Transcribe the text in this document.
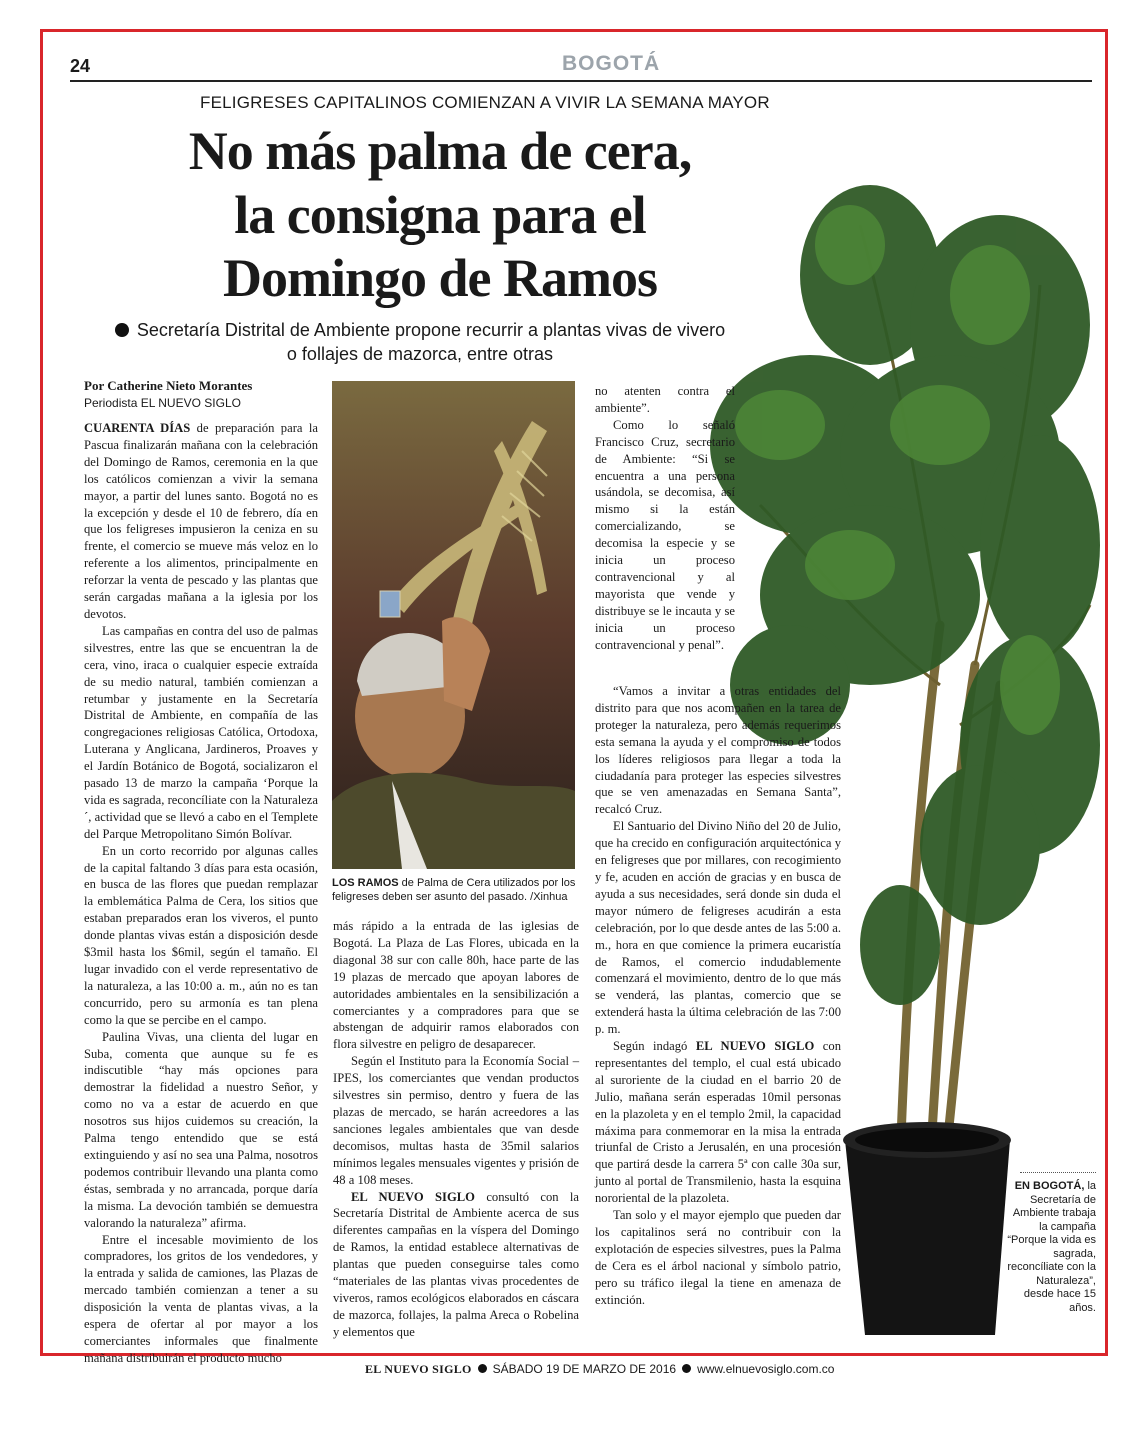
24	BOGOTÁ
FELIGRESES CAPITALINOS COMIENZAN A VIVIR LA SEMANA MAYOR
No más palma de cera,
la consigna para el
Domingo de Ramos
Secretaría Distrital de Ambiente propone recurrir a plantas vivas de vivero o follajes de mazorca, entre otras
Por Catherine Nieto Morantes
Periodista EL NUEVO SIGLO

CUARENTA DÍAS de preparación para la Pascua finalizarán mañana con la celebración del Domingo de Ramos, ceremonia en la que los católicos comienzan a vivir la semana mayor, a partir del lunes santo. Bogotá no es la excepción y desde el 10 de febrero, día en que los feligreses impusieron la ceniza en su frente, el comercio se mueve más veloz en lo referente a los alimentos, principalmente en reforzar la venta de pescado y las plantas que serán cargadas mañana a la iglesia por los devotos.

Las campañas en contra del uso de palmas silvestres, entre las que se encuentran la de cera, vino, iraca o cualquier especie extraída de su medio natural, también comienzan a retumbar y justamente en la Secretaría Distrital de Ambiente, en compañía de las congregaciones religiosas Católica, Ortodoxa, Luterana y Anglicana, Jardineros, Proaves y el Jardín Botánico de Bogotá, socializaron el pasado 13 de marzo la campaña ‘Porque la vida es sagrada, reconcíliate con la Naturaleza´, actividad que se llevó a cabo en el Templete del Parque Metropolitano Simón Bolívar.

En un corto recorrido por algunas calles de la capital faltando 3 días para esta ocasión, en busca de las flores que puedan remplazar la emblemática Palma de Cera, los sitios que estaban preparados eran los viveros, el punto donde plantas vivas están a disposición desde $3mil hasta los $6mil, según el tamaño. El lugar invadido con el verde representativo de la naturaleza, a las 10:00 a. m., aún no es tan concurrido, pero su armonía es tan plena como la que se percibe en el campo.

Paulina Vivas, una clienta del lugar en Suba, comenta que aunque su fe es indiscutible “hay más opciones para demostrar la fidelidad a nuestro Señor, y como no va a estar de acuerdo en que nosotros sus hijos cuidemos su creación, la Palma tengo entendido que se está extinguiendo y así no sea una Palma, nosotros podemos contribuir llevando una planta como éstas, sembrada y no arrancada, porque daría la misma. La devoción también se demuestra valorando la naturaleza” afirma.

Entre el incesable movimiento de los compradores, los gritos de los vendedores, y la entrada y salida de camiones, las Plazas de mercado también comienzan a tener a su disposición la venta de plantas vivas, a la espera de ofertar al por mayor a los comerciantes informales que finalmente mañana distribuirán el producto mucho

LOS RAMOS de Palma de Cera utilizados por los feligreses deben ser asunto del pasado. /Xinhua

más rápido a la entrada de las iglesias de Bogotá. La Plaza de Las Flores, ubicada en la diagonal 38 sur con calle 80h, hace parte de las 19 plazas de mercado que apoyan labores de autoridades ambientales en la sensibilización a comerciantes y a compradores para que se abstengan de adquirir ramos elaborados con flora silvestre en peligro de desaparecer.

Según el Instituto para la Economía Social – IPES, los comerciantes que vendan productos silvestres sin permiso, dentro y fuera de las plazas de mercado, se harán acreedores a las sanciones legales ambientales que van desde decomisos, multas hasta de 35mil salarios mínimos legales mensuales vigentes y prisión de 48 a 108 meses.

EL NUEVO SIGLO consultó con la Secretaría Distrital de Ambiente acerca de sus diferentes campañas en la víspera del Domingo de Ramos, la entidad establece alternativas de plantas que pueden conseguirse tales como “materiales de las plantas vivas procedentes de viveros, ramos ecológicos elaborados en cáscara de mazorca, follajes, la palma Areca o Robelina y elementos que

no atenten contra el ambiente”.

Como lo señaló Francisco Cruz, secretario de Ambiente: “Si se encuentra a una persona usándola, se decomisa, así mismo si la están comercializando, se decomisa la especie y se inicia un proceso contravencional y al mayorista que vende y distribuye se le incauta y se inicia un proceso contravencional y penal”.

“Vamos a invitar a otras entidades del distrito para que nos acompañen en la tarea de proteger la naturaleza, pero además requerimos esta semana la ayuda y el compromiso de todos los líderes religiosos para llegar a toda la ciudadanía para proteger las especies silvestres que se ven amenazadas en Semana Santa”, recalcó Cruz.

El Santuario del Divino Niño del 20 de Julio, que ha crecido en configuración arquitectónica y en feligreses que por millares, con recogimiento y fe, acuden en acción de gracias y en busca de ayuda a sus necesidades, será donde sin duda el mayor número de feligreses acudirán a esta celebración, por lo que desde antes de las 5:00 a. m., hora en que comience la primera eucaristía de Ramos, el comercio indudablemente comenzará el movimiento, dentro de lo que más se venderá, las plantas, comercio que se extenderá hasta la última celebración de las 7:00 p. m.

Según indagó EL NUEVO SIGLO con representantes del templo, el cual está ubicado al suroriente de la ciudad en el barrio 20 de Julio, mañana serán esperadas 10mil personas en la plazoleta y en el templo 2mil, la capacidad máxima para conmemorar en la misa la entrada triunfal de Cristo a Jerusalén, en una procesión que partirá desde la carrera 5ª con calle 30a sur, junto al portal de Transmilenio, hasta la esquina nororiental de la plazoleta.

Tan solo y el mayor ejemplo que pueden dar los capitalinos será no contribuir con la explotación de especies silvestres, pues la Palma de Cera es el árbol nacional y símbolo patrio, pero su tráfico ilegal la tiene en amenaza de extinción.

EN BOGOTÁ, la Secretaría de Ambiente trabaja la campaña “Porque la vida es sagrada, reconcíliate con la Naturaleza”, desde hace 15 años.
EL NUEVO SIGLO SÁBADO 19 DE MARZO DE 2016 www.elnuevosiglo.com.co
